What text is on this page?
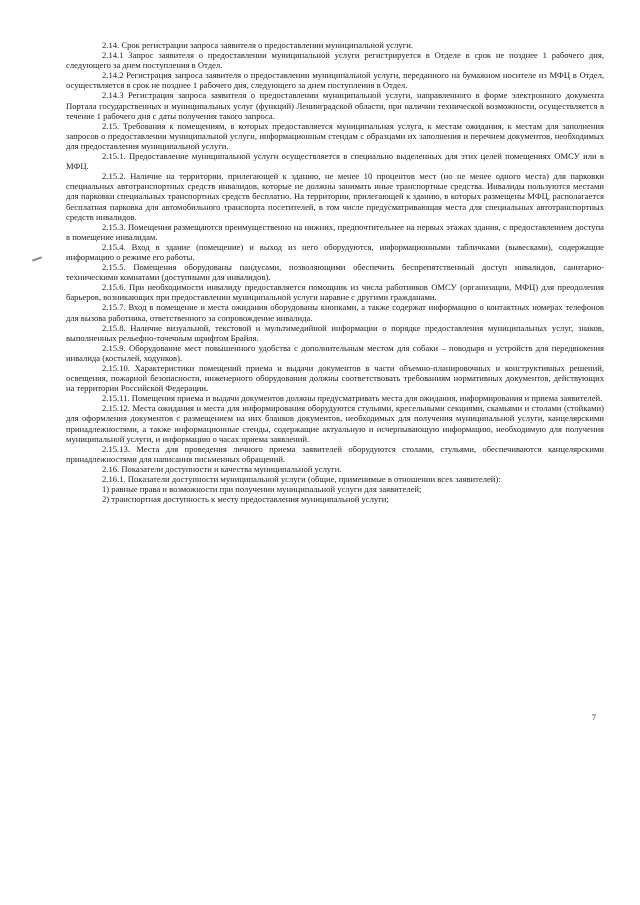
2.14. Срок регистрации запроса заявителя о предоставлении муниципальной услуги.

2.14.1 Запрос заявителя о предоставлении муниципальной услуги регистрируется в Отделе в срок не позднее 1 рабочего дня, следующего за днем поступления в Отдел.

2.14.2 Регистрация запроса заявителя о предоставлении муниципальной услуги, переданного на бумажном носителе из МФЦ в Отдел, осуществляется в срок не позднее 1 рабочего дня, следующего за днем поступления в Отдел.

2.14.3 Регистрация запроса заявителя о предоставлении муниципальной услуги, направленного в форме электронного документа Портала государственных и муниципальных услуг (функций) Ленинградской области, при наличии технической возможности, осуществляется в течение 1 рабочего дня с даты получения такого запроса.

2.15. Требования к помещениям, в которых предоставляется муниципальная услуга, к местам ожидания, к местам для заполнения запросов о предоставлении муниципальной услуги, информационным стендам с образцами их заполнения и перечнем документов, необходимых для предоставления муниципальной услуги.

2.15.1. Предоставление муниципальной услуги осуществляется в специально выделенных для этих целей помещениях ОМСУ или в МФЦ.

2.15.2. Наличие на территории, прилегающей к зданию, не менее 10 процентов мест (но не менее одного места) для парковки специальных автотранспортных средств инвалидов, которые не должны занимать иные транспортные средства. Инвалиды пользуются местами для парковки специальных транспортных средств бесплатно. На территории, прилегающей к зданию, в которых размещены МФЦ, располагается бесплатная парковка для автомобильного транспорта посетителей, в том числе предусматривающая места для специальных автотранспортных средств инвалидов.

2.15.3. Помещения размещаются преимущественно на нижних, предпочтительнее на первых этажах здания, с предоставлением доступа в помещение инвалидам.

2.15.4. Вход в здание (помещение) и выход из него оборудуются, информационными табличками (вывесками), содержащие информацию о режиме его работы.

2.15.5. Помещения оборудованы пандусами, позволяющими обеспечить беспрепятственный доступ инвалидов, санитарно-техническими комнатами (доступными для инвалидов).

2.15.6. При необходимости инвалиду предоставляется помощник из числа работников ОМСУ (организации, МФЦ) для преодоления барьеров, возникающих при предоставлении муниципальной услуги наравне с другими гражданами.

2.15.7. Вход в помещение и места ожидания оборудованы кнопками, а также содержат информацию о контактных номерах телефонов для вызова работника, ответственного за сопровождение инвалида.

2.15.8. Наличие визуальной, текстовой и мультимедийной информации о порядке предоставления муниципальных услуг, знаков, выполненных рельефно-точечным шрифтом Брайля.

2.15.9. Оборудование мест повышенного удобства с дополнительным местом для собаки – поводыря и устройств для передвижения инвалида (костылей, ходунков).

2.15.10. Характеристики помещений приема и выдачи документов в части объемно-планировочных и конструктивных решений, освещения, пожарной безопасности, инженерного оборудования должны соответствовать требованиям нормативных документов, действующих на территории Российской Федерации.

2.15.11. Помещения приема и выдачи документов должны предусматривать места для ожидания, информирования и приема заявителей.

2.15.12. Места ожидания и места для информирования оборудуются стульями, кресельными секциями, скамьями и столами (стойками) для оформления документов с размещением на них бланков документов, необходимых для получения муниципальной услуги, канцелярскими принадлежностями, а также информационные стенды, содержащие актуальную и исчерпывающую информацию, необходимую для получения муниципальной услуги, и информацию о часах приема заявлений.

2.15.13. Места для проведения личного приема заявителей оборудуются столами, стульями, обеспечиваются канцелярскими принадлежностями для написания письменных обращений.

2.16. Показатели доступности и качества муниципальной услуги.

2.16.1. Показатели доступности муниципальной услуги (общие, применимые в отношении всех заявителей):

1) равные права и возможности при получении муниципальной услуги для заявителей;

2) транспортная доступность к месту предоставления муниципальной услуги;

7
